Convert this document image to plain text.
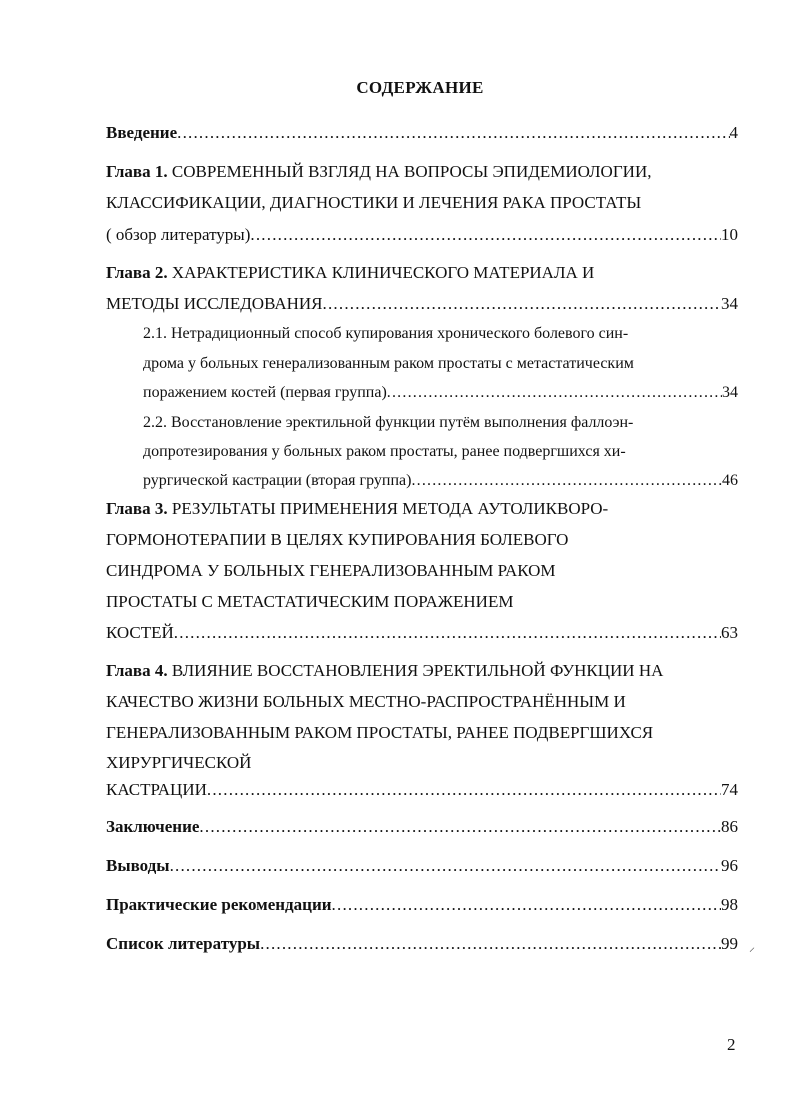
СОДЕРЖАНИЕ
Введение .....	4
Глава 1. СОВРЕМЕННЫЙ ВЗГЛЯД НА ВОПРОСЫ ЭПИДЕМИОЛОГИИ,
КЛАССИФИКАЦИИ, ДИАГНОСТИКИ И ЛЕЧЕНИЯ РАКА ПРОСТАТЫ
( обзор литературы) .....	10
Глава 2. ХАРАКТЕРИСТИКА КЛИНИЧЕСКОГО МАТЕРИАЛА И
МЕТОДЫ ИССЛЕДОВАНИЯ .....	34
2.1. Нетрадиционный способ купирования хронического болевого син-
дрома у больных генерализованным раком простаты с метастатическим
поражением костей (первая группа) .....	34
2.2. Восстановление эректильной функции путём выполнения фаллоэн-
допротезирования у больных раком простаты, ранее подвергшихся хи-
рургической кастрации (вторая группа) .....	46
Глава 3. РЕЗУЛЬТАТЫ ПРИМЕНЕНИЯ МЕТОДА АУТОЛИКВОРО-
ГОРМОНОТЕРАПИИ В ЦЕЛЯХ КУПИРОВАНИЯ БОЛЕВОГО
СИНДРОМА У БОЛЬНЫХ ГЕНЕРАЛИЗОВАННЫМ РАКОМ
ПРОСТАТЫ С МЕТАСТАТИЧЕСКИМ ПОРАЖЕНИЕМ
КОСТЕЙ .....	63
Глава 4. ВЛИЯНИЕ ВОССТАНОВЛЕНИЯ ЭРЕКТИЛЬНОЙ ФУНКЦИИ НА
КАЧЕСТВО ЖИЗНИ БОЛЬНЫХ МЕСТНО-РАСПРОСТРАНЁННЫМ И
ГЕНЕРАЛИЗОВАННЫМ РАКОМ ПРОСТАТЫ, РАНЕЕ ПОДВЕРГШИХСЯ
ХИРУРГИЧЕСКОЙ
КАСТРАЦИИ .....	74
Заключение .....	86
Выводы .....	96
Практические рекомендации .....	98
Список литературы .....	99 ⸝
2
